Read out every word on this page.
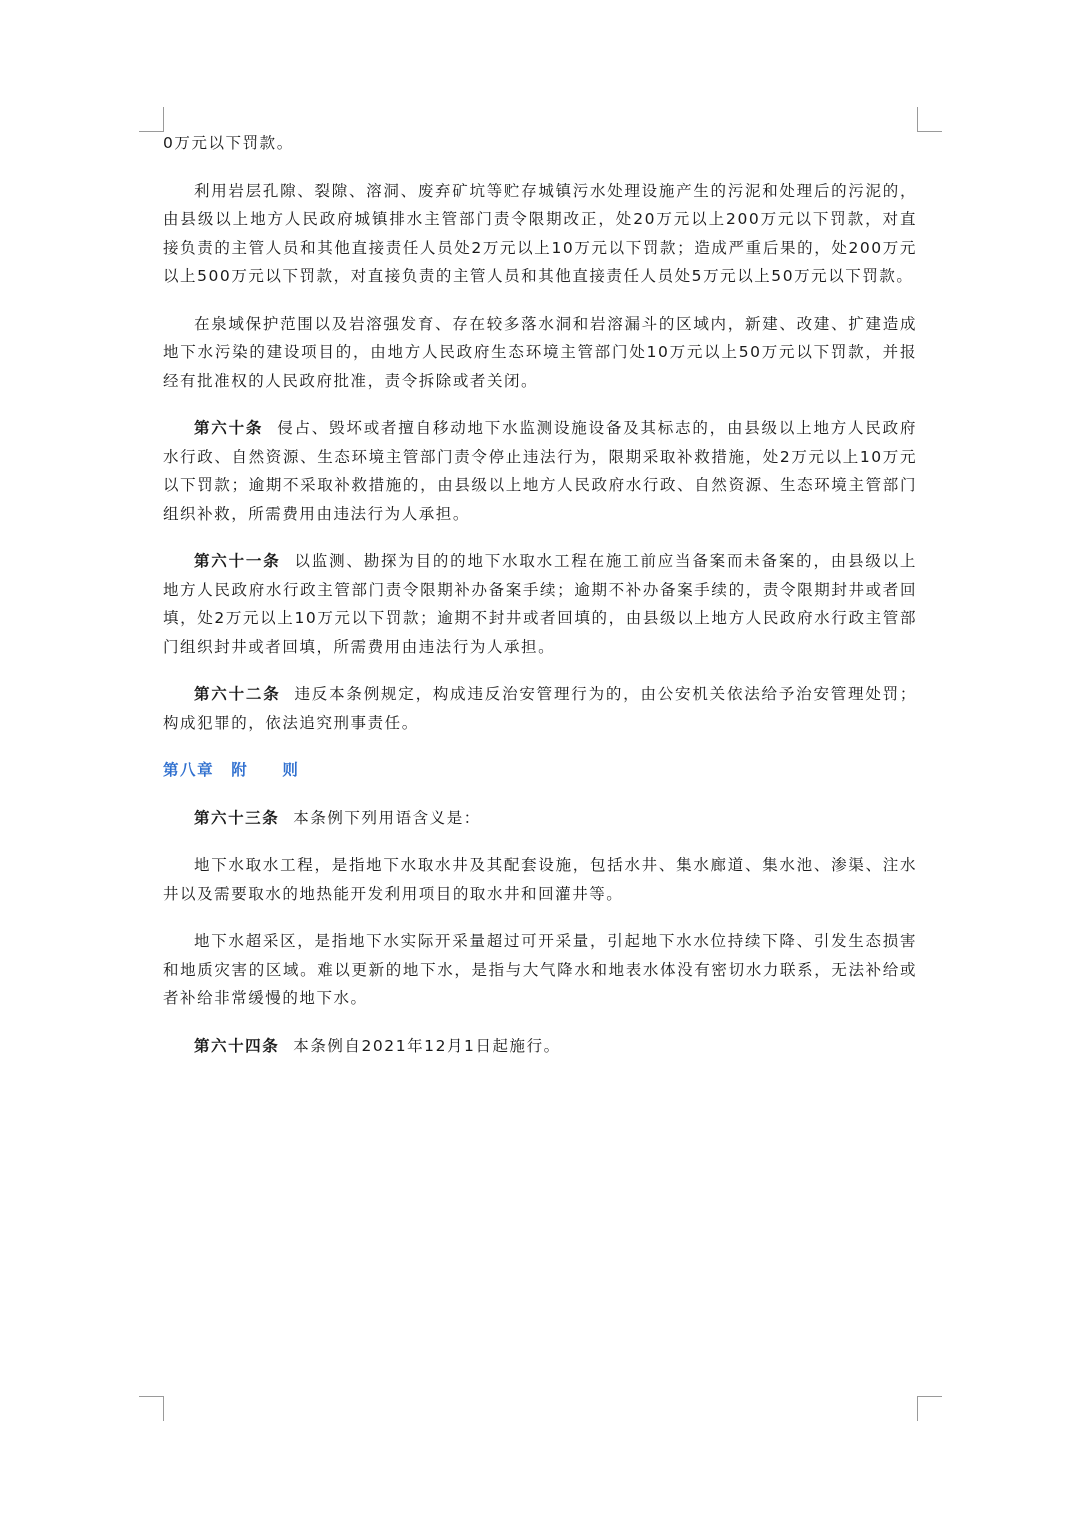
0万元以下罚款。

利用岩层孔隙、裂隙、溶洞、废弃矿坑等贮存城镇污水处理设施产生的污泥和处理后的污泥的，由县级以上地方人民政府城镇排水主管部门责令限期改正，处20万元以上200万元以下罚款，对直接负责的主管人员和其他直接责任人员处2万元以上10万元以下罚款；造成严重后果的，处200万元以上500万元以下罚款，对直接负责的主管人员和其他直接责任人员处5万元以上50万元以下罚款。

在泉域保护范围以及岩溶强发育、存在较多落水洞和岩溶漏斗的区域内，新建、改建、扩建造成地下水污染的建设项目的，由地方人民政府生态环境主管部门处10万元以上50万元以下罚款，并报经有批准权的人民政府批准，责令拆除或者关闭。

第六十条 侵占、毁坏或者擅自移动地下水监测设施设备及其标志的，由县级以上地方人民政府水行政、自然资源、生态环境主管部门责令停止违法行为，限期采取补救措施，处2万元以上10万元以下罚款；逾期不采取补救措施的，由县级以上地方人民政府水行政、自然资源、生态环境主管部门组织补救，所需费用由违法行为人承担。

第六十一条 以监测、勘探为目的的地下水取水工程在施工前应当备案而未备案的，由县级以上地方人民政府水行政主管部门责令限期补办备案手续；逾期不补办备案手续的，责令限期封井或者回填，处2万元以上10万元以下罚款；逾期不封井或者回填的，由县级以上地方人民政府水行政主管部门组织封井或者回填，所需费用由违法行为人承担。

第六十二条 违反本条例规定，构成违反治安管理行为的，由公安机关依法给予治安管理处罚；构成犯罪的，依法追究刑事责任。

第八章　附　　则

第六十三条 本条例下列用语含义是：

地下水取水工程，是指地下水取水井及其配套设施，包括水井、集水廊道、集水池、渗渠、注水井以及需要取水的地热能开发利用项目的取水井和回灌井等。

地下水超采区，是指地下水实际开采量超过可开采量，引起地下水水位持续下降、引发生态损害和地质灾害的区域。难以更新的地下水，是指与大气降水和地表水体没有密切水力联系，无法补给或者补给非常缓慢的地下水。

第六十四条 本条例自2021年12月1日起施行。
